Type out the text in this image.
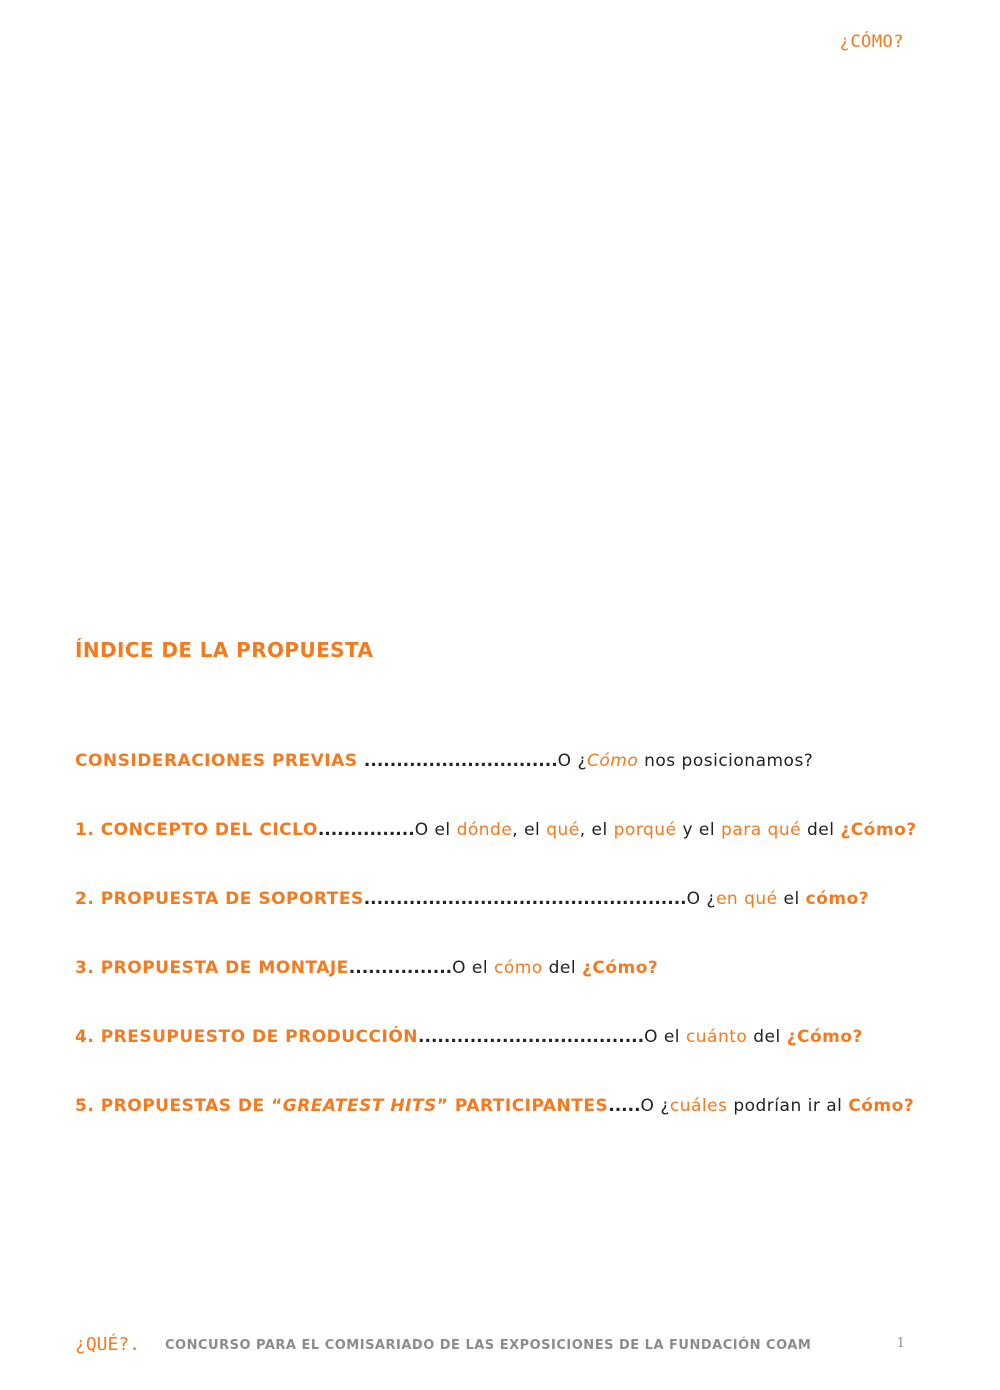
¿CÓMO?
ÍNDICE DE LA PROPUESTA
CONSIDERACIONES PREVIAS ..............................O ¿Cómo nos posicionamos?
1. CONCEPTO DEL CICLO...............O el dónde, el qué, el porqué y el para qué del ¿Cómo?
2. PROPUESTA DE SOPORTES..................................................O ¿en qué el cómo?
3. PROPUESTA DE MONTAJE................O el cómo del ¿Cómo?
4. PRESUPUESTO DE PRODUCCIÓN...................................O el cuánto del ¿Cómo?
5. PROPUESTAS DE “GREATEST HITS” PARTICIPANTES.....O ¿cuáles podrían ir al Cómo?
¿QUÉ?. CONCURSO PARA EL COMISARIADO DE LAS EXPOSICIONES DE LA FUNDACIÓN COAM	1
